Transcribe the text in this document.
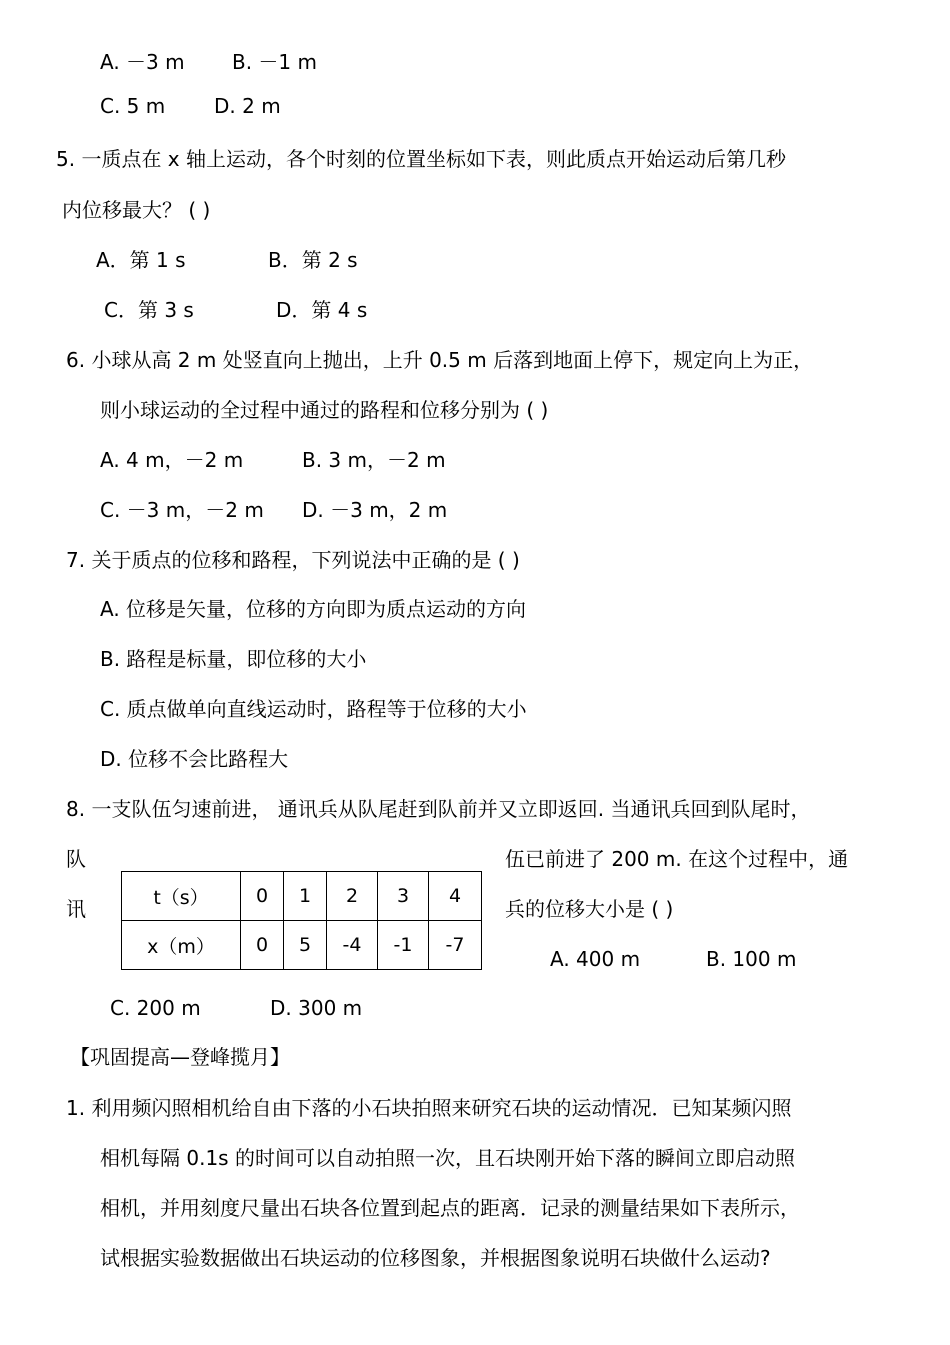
A. －3 m B. －1 m
C. 5 m D. 2 m
5. 一质点在 x 轴上运动，各个时刻的位置坐标如下表，则此质点开始运动后第几秒
内位移最大？ ( )
A．第 1 s	B．第 2 s
C．第 3 s	D．第 4 s
6. 小球从高 2 m 处竖直向上抛出，上升 0.5 m 后落到地面上停下，规定向上为正，
则小球运动的全过程中通过的路程和位移分别为 ( )
A. 4 m，－2 m	B. 3 m，－2 m
C. －3 m，－2 m D. －3 m，2 m
7. 关于质点的位移和路程，下列说法中正确的是 ( )
A. 位移是矢量，位移的方向即为质点运动的方向
B. 路程是标量，即位移的大小
C. 质点做单向直线运动时，路程等于位移的大小
D. 位移不会比路程大
8. 一支队伍匀速前进， 通讯兵从队尾赶到队前并又立即返回. 当通讯兵回到队尾时，
队
讯
伍已前进了 200 m. 在这个过程中，通
兵的位移大小是 ( )
A. 400 m	B. 100 m
C. 200 m	D. 300 m
t（s）	0	1	2	3	4
x（m）	0	5	-4	-1	-7
【巩固提高—登峰揽月】
1. 利用频闪照相机给自由下落的小石块拍照来研究石块的运动情况．已知某频闪照
相机每隔 0.1s 的时间可以自动拍照一次，且石块刚开始下落的瞬间立即启动照
相机，并用刻度尺量出石块各位置到起点的距离．记录的测量结果如下表所示，
试根据实验数据做出石块运动的位移图象，并根据图象说明石块做什么运动?
